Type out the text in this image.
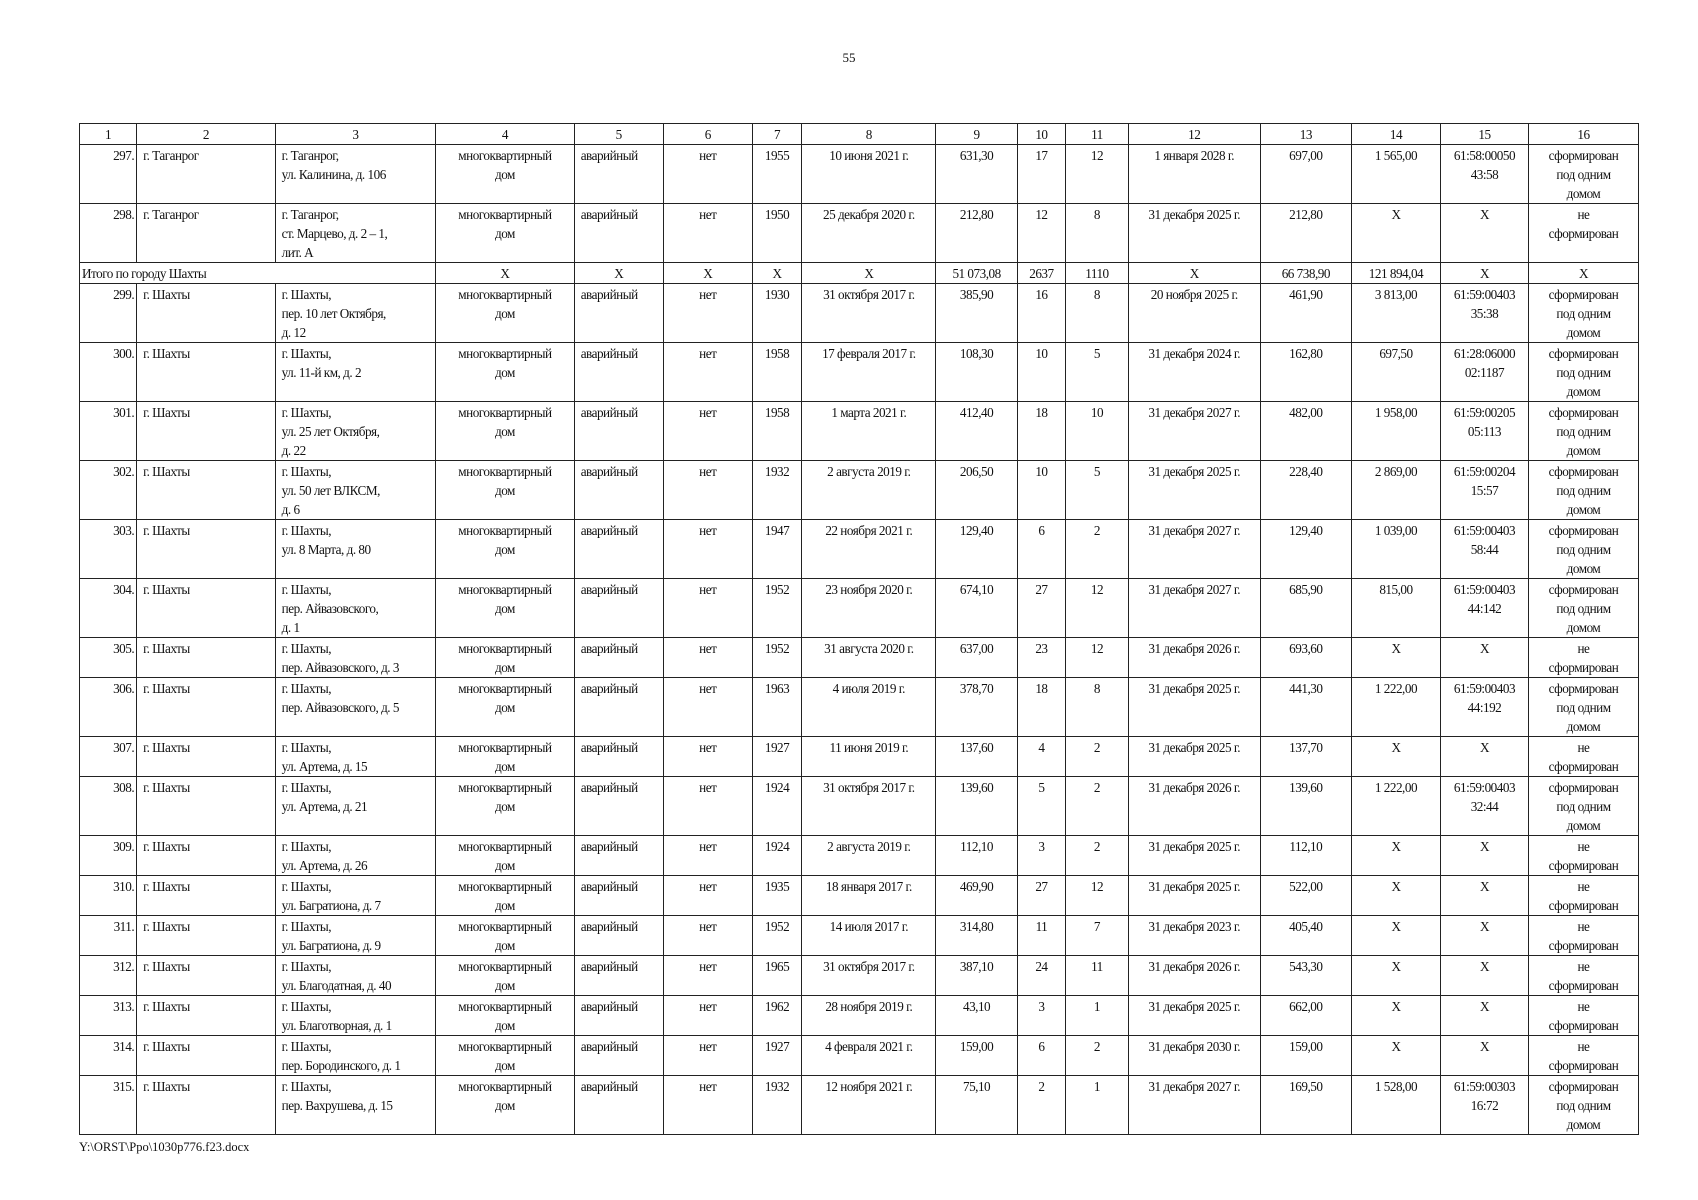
55
1	2	3	4	5	6	7	8	9	10	11	12	13	14	15	16
297.	г. Таганрог	г. Таганрог,
ул. Калинина, д. 106	многоквартирный
дом	аварийный	нет	1955	10 июня 2021 г.	631,30	17	12	1 января 2028 г.	697,00	1 565,00	61:58:00050
43:58	сформирован
под одним
домом
298.	г. Таганрог	г. Таганрог,
ст. Марцево, д. 2 – 1,
лит. А	многоквартирный
дом	аварийный	нет	1950	25 декабря 2020 г.	212,80	12	8	31 декабря 2025 г.	212,80	X	X	не
сформирован
Итого по городу Шахты			X	X	X	X	X	51 073,08	2637	1110	X	66 738,90	121 894,04	X	X
299.	г. Шахты	г. Шахты,
пер. 10 лет Октября,
д. 12	многоквартирный
дом	аварийный	нет	1930	31 октября 2017 г.	385,90	16	8	20 ноября 2025 г.	461,90	3 813,00	61:59:00403
35:38	сформирован
под одним
домом
300.	г. Шахты	г. Шахты,
ул. 11-й км, д. 2	многоквартирный
дом	аварийный	нет	1958	17 февраля 2017 г.	108,30	10	5	31 декабря 2024 г.	162,80	697,50	61:28:06000
02:1187	сформирован
под одним
домом
301.	г. Шахты	г. Шахты,
ул. 25 лет Октября,
д. 22	многоквартирный
дом	аварийный	нет	1958	1 марта 2021 г.	412,40	18	10	31 декабря 2027 г.	482,00	1 958,00	61:59:00205
05:113	сформирован
под одним
домом
302.	г. Шахты	г. Шахты,
ул. 50 лет ВЛКСМ,
д. 6	многоквартирный
дом	аварийный	нет	1932	2 августа 2019 г.	206,50	10	5	31 декабря 2025 г.	228,40	2 869,00	61:59:00204
15:57	сформирован
под одним
домом
303.	г. Шахты	г. Шахты,
ул. 8 Марта, д. 80	многоквартирный
дом	аварийный	нет	1947	22 ноября 2021 г.	129,40	6	2	31 декабря 2027 г.	129,40	1 039,00	61:59:00403
58:44	сформирован
под одним
домом
304.	г. Шахты	г. Шахты,
пер. Айвазовского,
д. 1	многоквартирный
дом	аварийный	нет	1952	23 ноября 2020 г.	674,10	27	12	31 декабря 2027 г.	685,90	815,00	61:59:00403
44:142	сформирован
под одним
домом
305.	г. Шахты	г. Шахты,
пер. Айвазовского, д. 3	многоквартирный
дом	аварийный	нет	1952	31 августа 2020 г.	637,00	23	12	31 декабря 2026 г.	693,60	X	X	не
сформирован
306.	г. Шахты	г. Шахты,
пер. Айвазовского, д. 5	многоквартирный
дом	аварийный	нет	1963	4 июля 2019 г.	378,70	18	8	31 декабря 2025 г.	441,30	1 222,00	61:59:00403
44:192	сформирован
под одним
домом
307.	г. Шахты	г. Шахты,
ул. Артема, д. 15	многоквартирный
дом	аварийный	нет	1927	11 июня 2019 г.	137,60	4	2	31 декабря 2025 г.	137,70	X	X	не
сформирован
308.	г. Шахты	г. Шахты,
ул. Артема, д. 21	многоквартирный
дом	аварийный	нет	1924	31 октября 2017 г.	139,60	5	2	31 декабря 2026 г.	139,60	1 222,00	61:59:00403
32:44	сформирован
под одним
домом
309.	г. Шахты	г. Шахты,
ул. Артема, д. 26	многоквартирный
дом	аварийный	нет	1924	2 августа 2019 г.	112,10	3	2	31 декабря 2025 г.	112,10	X	X	не
сформирован
310.	г. Шахты	г. Шахты,
ул. Багратиона, д. 7	многоквартирный
дом	аварийный	нет	1935	18 января 2017 г.	469,90	27	12	31 декабря 2025 г.	522,00	X	X	не
сформирован
311.	г. Шахты	г. Шахты,
ул. Багратиона, д. 9	многоквартирный
дом	аварийный	нет	1952	14 июля 2017 г.	314,80	11	7	31 декабря 2023 г.	405,40	X	X	не
сформирован
312.	г. Шахты	г. Шахты,
ул. Благодатная, д. 40	многоквартирный
дом	аварийный	нет	1965	31 октября 2017 г.	387,10	24	11	31 декабря 2026 г.	543,30	X	X	не
сформирован
313.	г. Шахты	г. Шахты,
ул. Благотворная, д. 1	многоквартирный
дом	аварийный	нет	1962	28 ноября 2019 г.	43,10	3	1	31 декабря 2025 г.	662,00	X	X	не
сформирован
314.	г. Шахты	г. Шахты,
пер. Бородинского, д. 1	многоквартирный
дом	аварийный	нет	1927	4 февраля 2021 г.	159,00	6	2	31 декабря 2030 г.	159,00	X	X	не
сформирован
315.	г. Шахты	г. Шахты,
пер. Вахрушева, д. 15	многоквартирный
дом	аварийный	нет	1932	12 ноября 2021 г.	75,10	2	1	31 декабря 2027 г.	169,50	1 528,00	61:59:00303
16:72	сформирован
под одним
домом
Y:\ORST\Ppo\1030p776.f23.docx
